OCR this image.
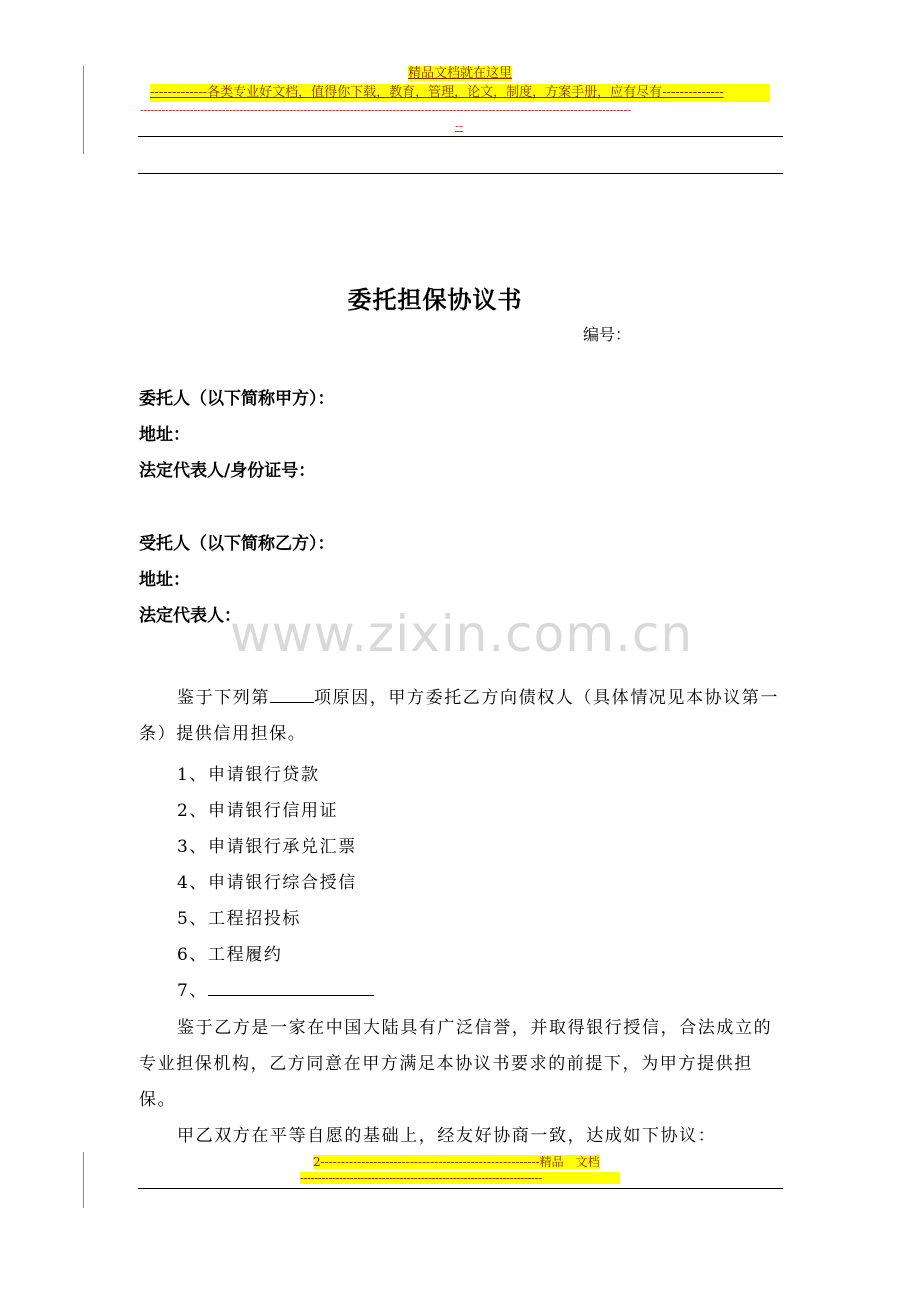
精品文档就在这里
-------------各类专业好文档，值得你下载，教育，管理，论文，制度，方案手册，应有尽有--------------
------------------------------------------------------------------------------------------------------------------------------------------
--
委托担保协议书
编号：
委托人（以下简称甲方）：
地址：
法定代表人/身份证号：
受托人（以下简称乙方）：
地址：
法定代表人：
www.zixin.com.cn
鉴于下列第	项原因，甲方委托乙方向债权人（具体情况见本协议第一条）提供信用担保。
1、申请银行贷款
2、申请银行信用证
3、申请银行承兑汇票
4、申请银行综合授信
5、工程招投标
6、工程履约
7、
鉴于乙方是一家在中国大陆具有广泛信誉，并取得银行授信，合法成立的专业担保机构，乙方同意在甲方满足本协议书要求的前提下，为甲方提供担保。
甲乙双方在平等自愿的基础上，经友好协商一致，达成如下协议：
2------------------------------------------------------精品　文档
--------------------------------------------------------------------
